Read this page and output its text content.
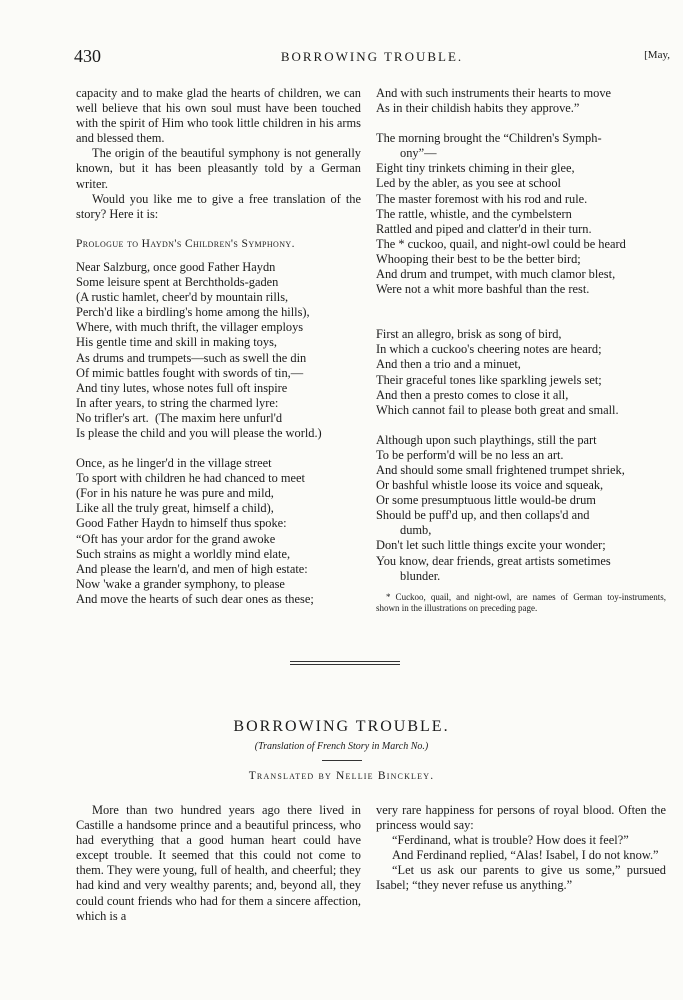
430	BORROWING TROUBLE.	[May,

capacity and to make glad the hearts of children, we can well believe that his own soul must have been touched with the spirit of Him who took little children in his arms and blessed them.

The origin of the beautiful symphony is not generally known, but it has been pleasantly told by a German writer.

Would you like me to give a free translation of the story? Here it is:

Prologue to Haydn's Children's Symphony.

Near Salzburg, once good Father Haydn
Some leisure spent at Berchtholds-gaden
(A rustic hamlet, cheer'd by mountain rills,
Perch'd like a birdling's home among the hills),
Where, with much thrift, the villager employs
His gentle time and skill in making toys,
As drums and trumpets—such as swell the din
Of mimic battles fought with swords of tin,—
And tiny lutes, whose notes full oft inspire
In after years, to string the charmed lyre:
No trifler's art.  (The maxim here unfurl'd
Is please the child and you will please the world.)
Once, as he linger'd in the village street
To sport with children he had chanced to meet
(For in his nature he was pure and mild,
Like all the truly great, himself a child),
Good Father Haydn to himself thus spoke:
“Oft has your ardor for the grand awoke
Such strains as might a worldly mind elate,
And please the learn'd, and men of high estate:
Now 'wake a grander symphony, to please
And move the hearts of such dear ones as these;
And with such instruments their hearts to move
As in their childish habits they approve.”
The morning brought the “Children's Symph-
ony”—
Eight tiny trinkets chiming in their glee,
Led by the abler, as you see at school
The master foremost with his rod and rule.
The rattle, whistle, and the cymbelstern
Rattled and piped and clatter'd in their turn.
The * cuckoo, quail, and night-owl could be heard
Whooping their best to be the better bird;
And drum and trumpet, with much clamor blest,
Were not a whit more bashful than the rest.
First an allegro, brisk as song of bird,
In which a cuckoo's cheering notes are heard;
And then a trio and a minuet,
Their graceful tones like sparkling jewels set;
And then a presto comes to close it all,
Which cannot fail to please both great and small.
Although upon such playthings, still the part
To be perform'd will be no less an art.
And should some small frightened trumpet shriek,
Or bashful whistle loose its voice and squeak,
Or some presumptuous little would-be drum
Should be puff'd up, and then collaps'd and
dumb,
Don't let such little things excite your wonder;
You know, dear friends, great artists sometimes
blunder.

* Cuckoo, quail, and night-owl, are names of German toy-instruments, shown in the illustrations on preceding page.

BORROWING TROUBLE.
(Translation of French Story in March No.)
Translated by Nellie Binckley.

More than two hundred years ago there lived in Castille a handsome prince and a beautiful princess, who had everything that a good human heart could have except trouble. It seemed that this could not come to them. They were young, full of health, and cheerful; they had kind and very wealthy parents; and, beyond all, they could count friends who had for them a sincere affection, which is a

very rare happiness for persons of royal blood. Often the princess would say:

“Ferdinand, what is trouble? How does it feel?”

And Ferdinand replied, “Alas! Isabel, I do not know.”

“Let us ask our parents to give us some,” pursued Isabel; “they never refuse us anything.”
